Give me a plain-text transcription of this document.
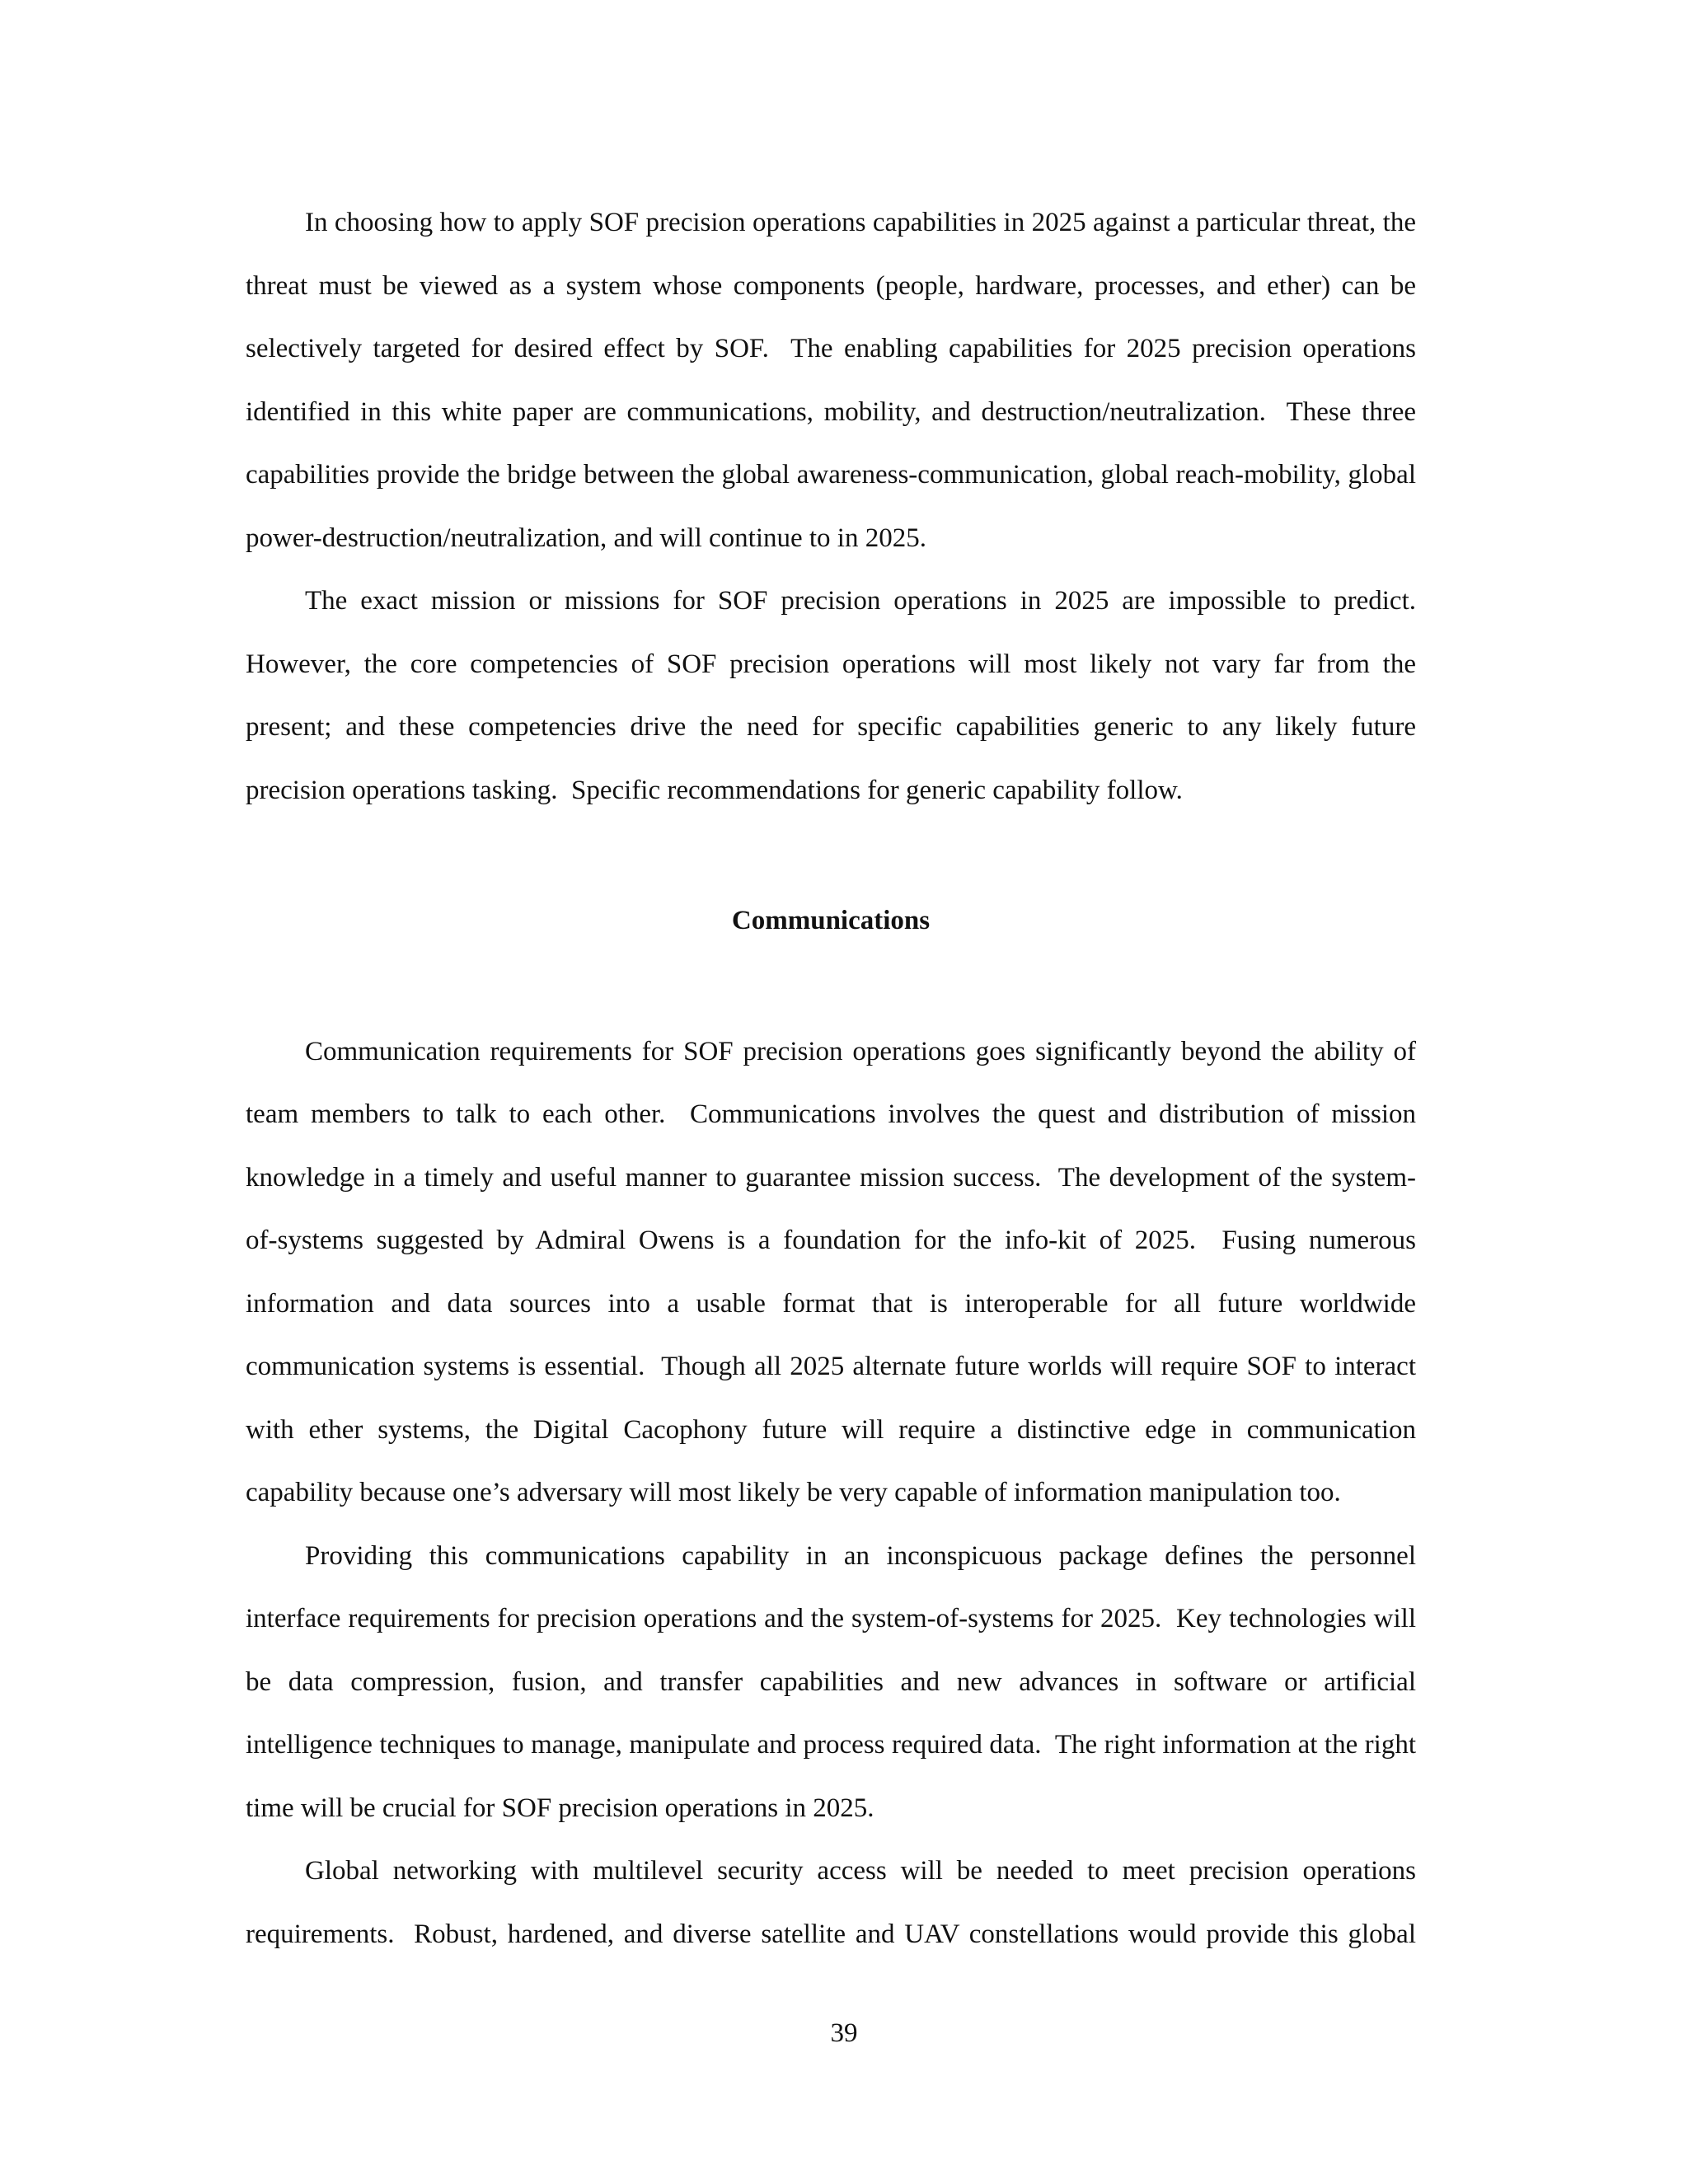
In choosing how to apply SOF precision operations capabilities in 2025 against a particular threat, the threat must be viewed as a system whose components (people, hardware, processes, and ether) can be selectively targeted for desired effect by SOF.  The enabling capabilities for 2025 precision operations identified in this white paper are communications, mobility, and destruction/neutralization.  These three capabilities provide the bridge between the global awareness-communication, global reach-mobility, global power-destruction/neutralization, and will continue to in 2025.

The exact mission or missions for SOF precision operations in 2025 are impossible to predict. However, the core competencies of SOF precision operations will most likely not vary far from the present; and these competencies drive the need for specific capabilities generic to any likely future precision operations tasking.  Specific recommendations for generic capability follow.

Communications

Communication requirements for SOF precision operations goes significantly beyond the ability of team members to talk to each other.  Communications involves the quest and distribution of mission knowledge in a timely and useful manner to guarantee mission success.  The development of the system-of-systems suggested by Admiral Owens is a foundation for the info-kit of 2025.  Fusing numerous information and data sources into a usable format that is interoperable for all future worldwide communication systems is essential.  Though all 2025 alternate future worlds will require SOF to interact with ether systems, the Digital Cacophony future will require a distinctive edge in communication capability because one’s adversary will most likely be very capable of information manipulation too.

Providing this communications capability in an inconspicuous package defines the personnel interface requirements for precision operations and the system-of-systems for 2025.  Key technologies will be data compression, fusion, and transfer capabilities and new advances in software or artificial intelligence techniques to manage, manipulate and process required data.  The right information at the right time will be crucial for SOF precision operations in 2025.

Global networking with multilevel security access will be needed to meet precision operations requirements.  Robust, hardened, and diverse satellite and UAV constellations would provide this global

39
